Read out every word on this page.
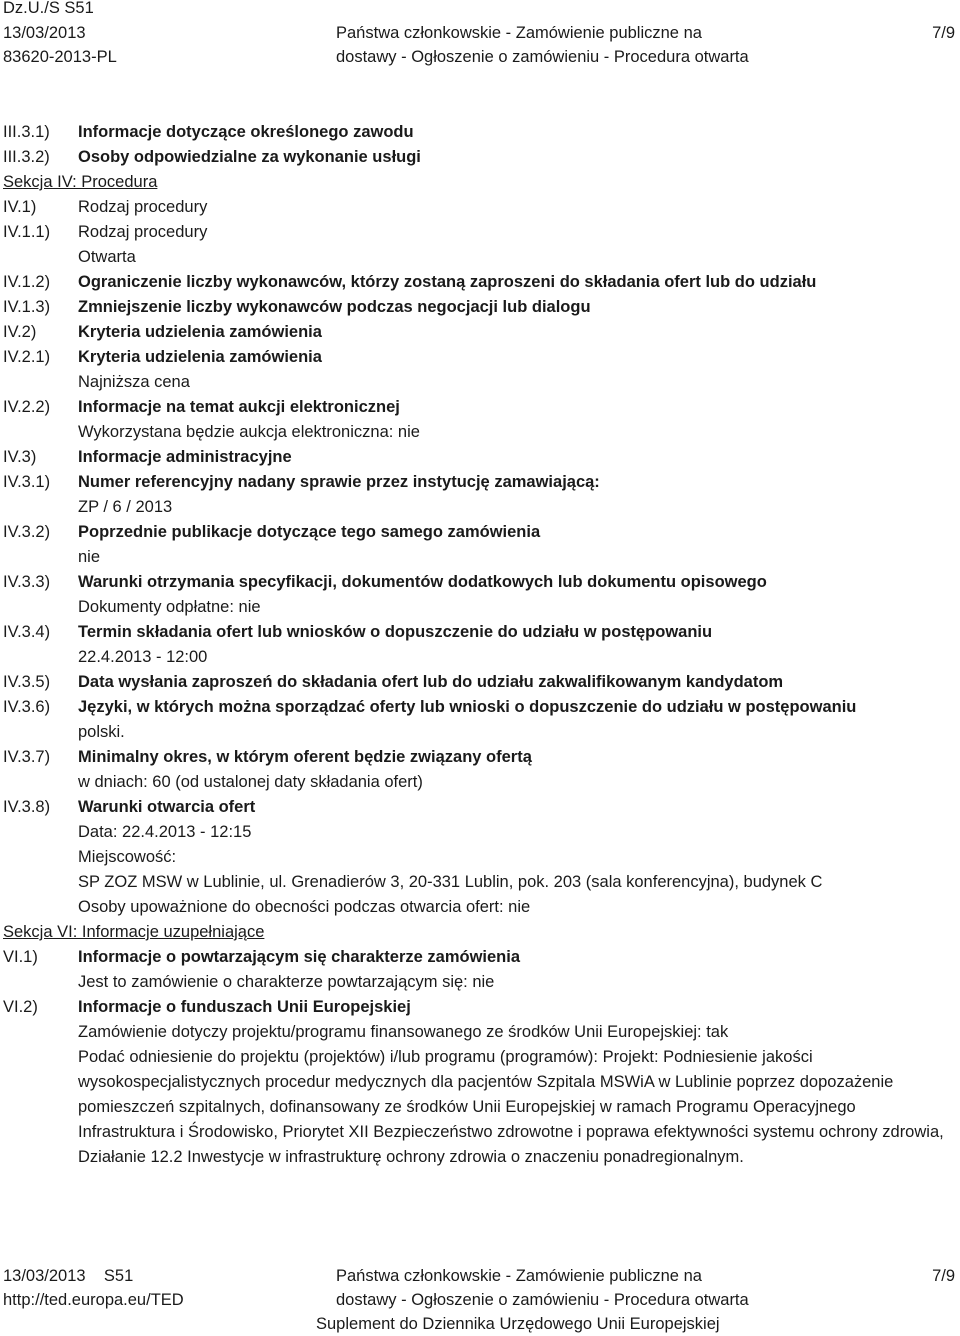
Dz.U./S S51
13/03/2013
83620-2013-PL
Państwa członkowskie - Zamówienie publiczne na
dostawy - Ogłoszenie o zamówieniu - Procedura otwarta
7/9
III.3.1)	Informacje dotyczące określonego zawodu
III.3.2)	Osoby odpowiedzialne za wykonanie usługi
Sekcja IV: Procedura
IV.1)	Rodzaj procedury
IV.1.1)	Rodzaj procedury
Otwarta
IV.1.2)	Ograniczenie liczby wykonawców, którzy zostaną zaproszeni do składania ofert lub do udziału
IV.1.3)	Zmniejszenie liczby wykonawców podczas negocjacji lub dialogu
IV.2)	Kryteria udzielenia zamówienia
IV.2.1)	Kryteria udzielenia zamówienia
Najniższa cena
IV.2.2)	Informacje na temat aukcji elektronicznej
Wykorzystana będzie aukcja elektroniczna: nie
IV.3)	Informacje administracyjne
IV.3.1)	Numer referencyjny nadany sprawie przez instytucję zamawiającą:
ZP / 6 / 2013
IV.3.2)	Poprzednie publikacje dotyczące tego samego zamówienia
nie
IV.3.3)	Warunki otrzymania specyfikacji, dokumentów dodatkowych lub dokumentu opisowego
Dokumenty odpłatne: nie
IV.3.4)	Termin składania ofert lub wniosków o dopuszczenie do udziału w postępowaniu
22.4.2013 - 12:00
IV.3.5)	Data wysłania zaproszeń do składania ofert lub do udziału zakwalifikowanym kandydatom
IV.3.6)	Języki, w których można sporządzać oferty lub wnioski o dopuszczenie do udziału w postępowaniu
polski.
IV.3.7)	Minimalny okres, w którym oferent będzie związany ofertą
w dniach: 60 (od ustalonej daty składania ofert)
IV.3.8)	Warunki otwarcia ofert
Data: 22.4.2013 - 12:15
Miejscowość:
SP ZOZ MSW w Lublinie, ul. Grenadierów 3, 20-331 Lublin, pok. 203 (sala konferencyjna), budynek C
Osoby upoważnione do obecności podczas otwarcia ofert: nie
Sekcja VI: Informacje uzupełniające
VI.1)	Informacje o powtarzającym się charakterze zamówienia
Jest to zamówienie o charakterze powtarzającym się: nie
VI.2)	Informacje o funduszach Unii Europejskiej
Zamówienie dotyczy projektu/programu finansowanego ze środków Unii Europejskiej: tak
Podać odniesienie do projektu (projektów) i/lub programu (programów): Projekt: Podniesienie jakości wysokospecjalistycznych procedur medycznych dla pacjentów Szpitala MSWiA w Lublinie poprzez dopozażenie pomieszczeń szpitalnych, dofinansowany ze środków Unii Europejskiej w ramach Programu Operacyjnego Infrastruktura i Środowisko, Priorytet XII Bezpieczeństwo zdrowotne i poprawa efektywności systemu ochrony zdrowia, Działanie 12.2 Inwestycje w infrastrukturę ochrony zdrowia o znaczeniu ponadregionalnym.
13/03/2013    S51
http://ted.europa.eu/TED
Państwa członkowskie - Zamówienie publiczne na
dostawy - Ogłoszenie o zamówieniu - Procedura otwarta
Suplement do Dziennika Urzędowego Unii Europejskiej
7/9
